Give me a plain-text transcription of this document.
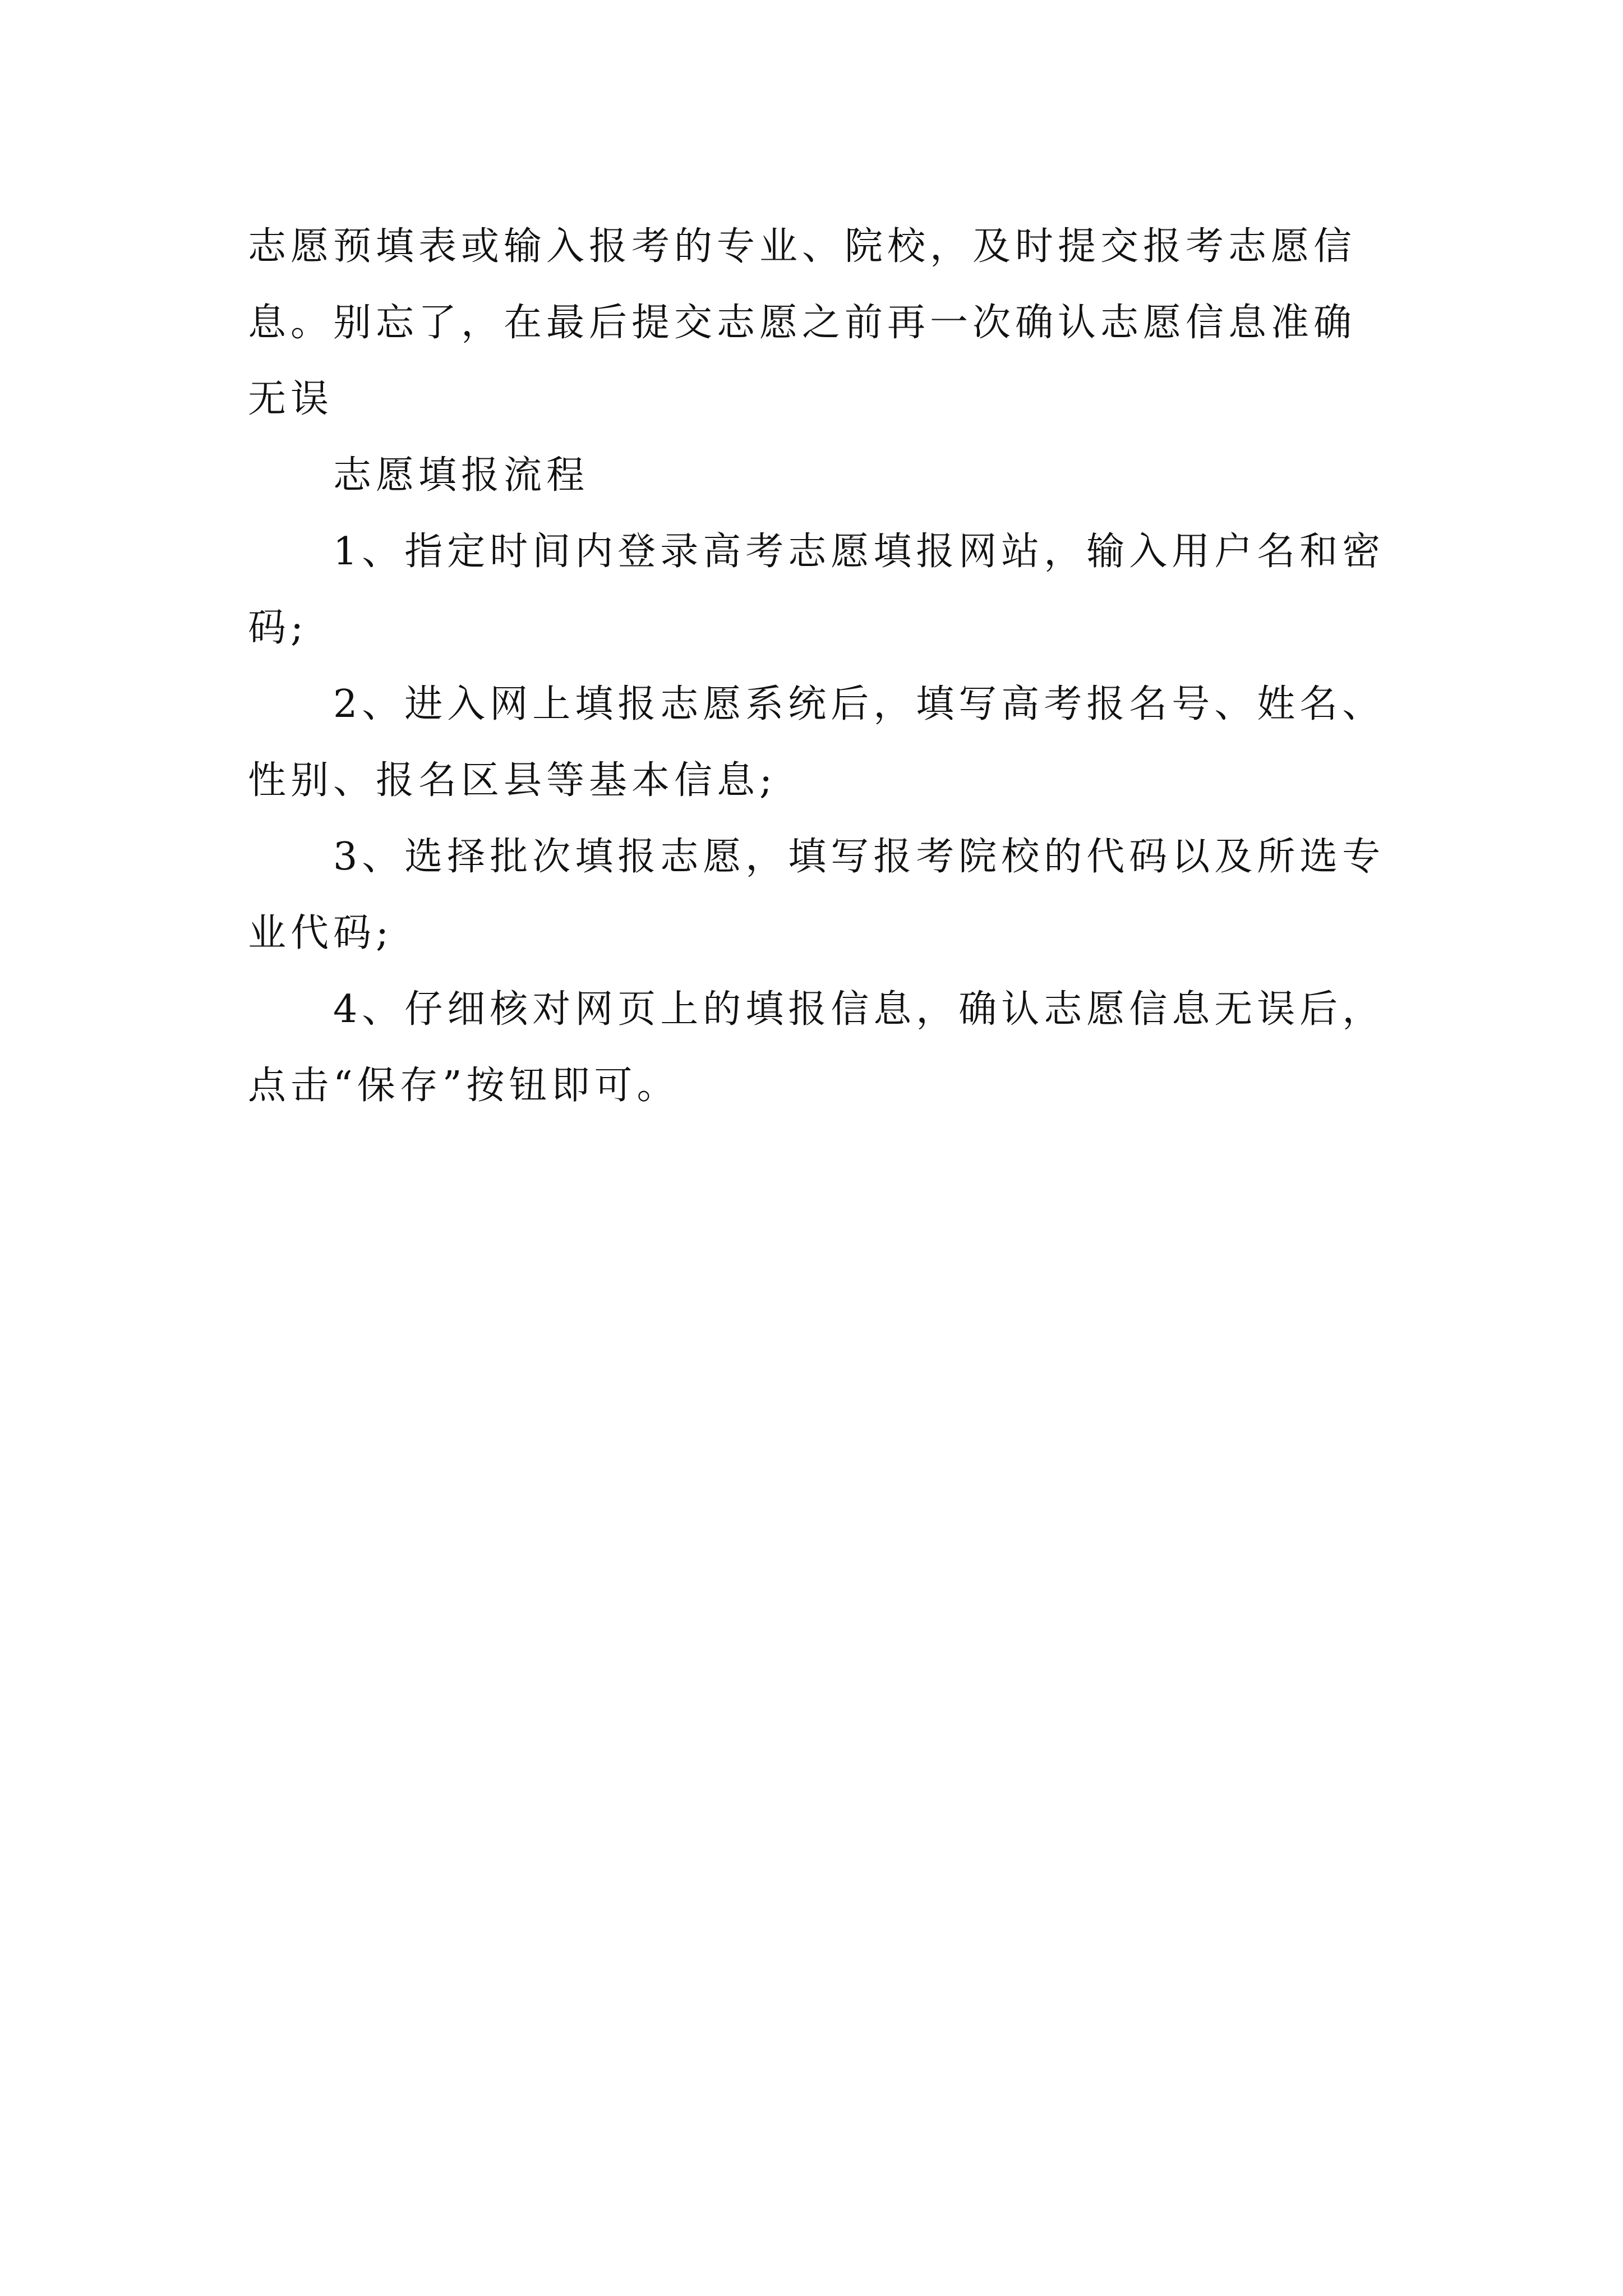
志愿预填表或输入报考的专业、院校，及时提交报考志愿信息。别忘了，在最后提交志愿之前再一次确认志愿信息准确无误

志愿填报流程

1、指定时间内登录高考志愿填报网站，输入用户名和密码;

2、进入网上填报志愿系统后，填写高考报名号、姓名、性别、报名区县等基本信息;

3、选择批次填报志愿，填写报考院校的代码以及所选专业代码;

4、仔细核对网页上的填报信息，确认志愿信息无误后，点击“保存”按钮即可。
